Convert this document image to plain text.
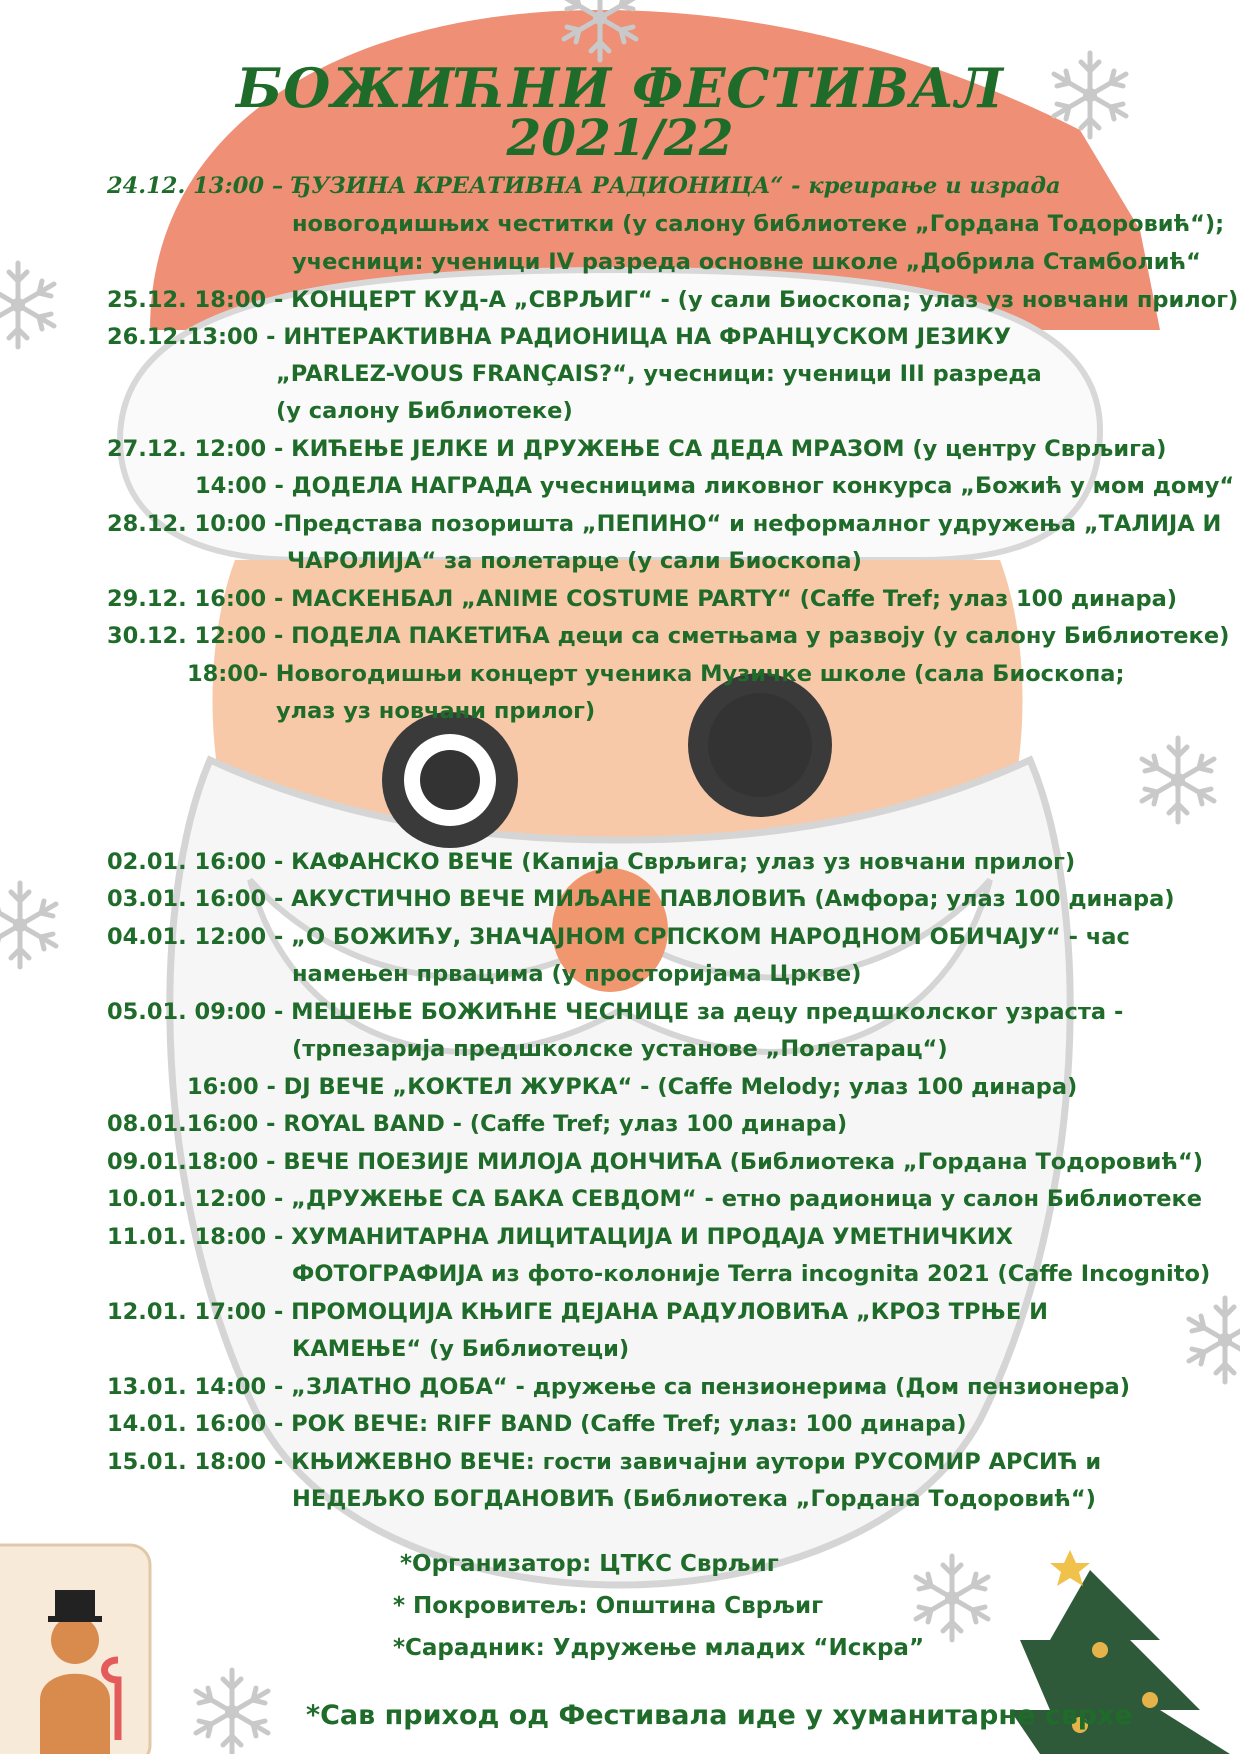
БОЖИЋНИ ФЕСТИВАЛ
2021/22
24.12. 13:00 – ЂУЗИНА КРЕАТИВНА РАДИОНИЦА“ - креирање и израда
новогодишњих честитки (у салону библиотеке „Гордана Тодоровић“);
учесници: ученици IV разреда основне школе „Добрила Стамболић“
25.12. 18:00 - КОНЦЕРТ КУД-А „СВРЉИГ“ - (у сали Биоскопа; улаз уз новчани прилог)
26.12.13:00 - ИНТЕРАКТИВНА РАДИОНИЦА НА ФРАНЦУСКОМ ЈЕЗИКУ
„PARLEZ-VOUS FRANÇAIS?“, учесници: ученици III разреда
(у салону Библиотеке)
27.12. 12:00 - КИЋЕЊЕ ЈЕЛКЕ И ДРУЖЕЊЕ СА ДЕДА МРАЗОМ (у центру Сврљига)
14:00 - ДОДЕЛА НАГРАДА учесницима ликовног конкурса „Божић у мом дому“
28.12. 10:00 -Представа позоришта „ПЕПИНО“ и неформалног удружења „ТАЛИЈА И
ЧАРОЛИЈА“ за полетарце (у сали Биоскопа)
29.12. 16:00 - МАСКЕНБАЛ „ANIME COSTUME PARTY“ (Caffe Tref; улаз 100 динара)
30.12. 12:00 - ПОДЕЛА ПАКЕТИЋА деци са сметњама у развоју (у салону Библиотеке)
18:00- Новогодишњи концерт ученика Музичке школе (сала Биоскопа;
улаз уз новчани прилог)
02.01. 16:00 - КАФАНСКО ВЕЧЕ (Капија Сврљига; улаз уз новчани прилог)
03.01. 16:00 - АКУСТИЧНО ВЕЧЕ МИЉАНЕ ПАВЛОВИЋ (Амфора; улаз 100 динара)
04.01. 12:00 - „О БОЖИЋУ, ЗНАЧАЈНОМ СРПСКОМ НАРОДНОМ ОБИЧАЈУ“ - час
намењен првацима (у просторијама Цркве)
05.01. 09:00 - МЕШЕЊЕ БОЖИЋНЕ ЧЕСНИЦЕ за децу предшколског узраста -
(трпезарија предшколске установе „Полетарац“)
16:00 - DJ ВЕЧЕ „КОКТЕЛ ЖУРКА“ - (Caffe Melody; улаз 100 динара)
08.01.16:00 - ROYAL BAND - (Caffe Tref; улаз 100 динара)
09.01.18:00 - ВЕЧЕ ПОЕЗИЈЕ МИЛОЈА ДОНЧИЋА (Библиотека „Гордана Тодоровић“)
10.01. 12:00 - „ДРУЖЕЊЕ СА БАКА СЕВДОМ“ - етно радионица у салон Библиотеке
11.01. 18:00 - ХУМАНИТАРНА ЛИЦИТАЦИЈА И ПРОДАЈА УМЕТНИЧКИХ
ФОТОГРАФИЈА из фото-колоније Terra incognita 2021 (Caffe Incognito)
12.01. 17:00 - ПРОМОЦИЈА КЊИГЕ ДЕЈАНА РАДУЛОВИЋА „КРОЗ ТРЊЕ И
КАМЕЊЕ“ (у Библиотеци)
13.01. 14:00 - „ЗЛАТНО ДОБА“ - дружење са пензионерима (Дом пензионера)
14.01. 16:00 - РОК ВЕЧЕ: RIFF BAND (Caffe Tref; улаз: 100 динара)
15.01. 18:00 - КЊИЖЕВНО ВЕЧЕ: гости завичајни аутори РУСОМИР АРСИЋ и
НЕДЕЉКО БОГДАНОВИЋ (Библиотека „Гордана Тодоровић“)
*Организатор: ЦТКС Сврљиг
* Покровитељ: Општина Сврљиг
*Сарадник: Удружење младих “Искра”
*Сав приход од Фестивала иде у хуманитарне сврхе
